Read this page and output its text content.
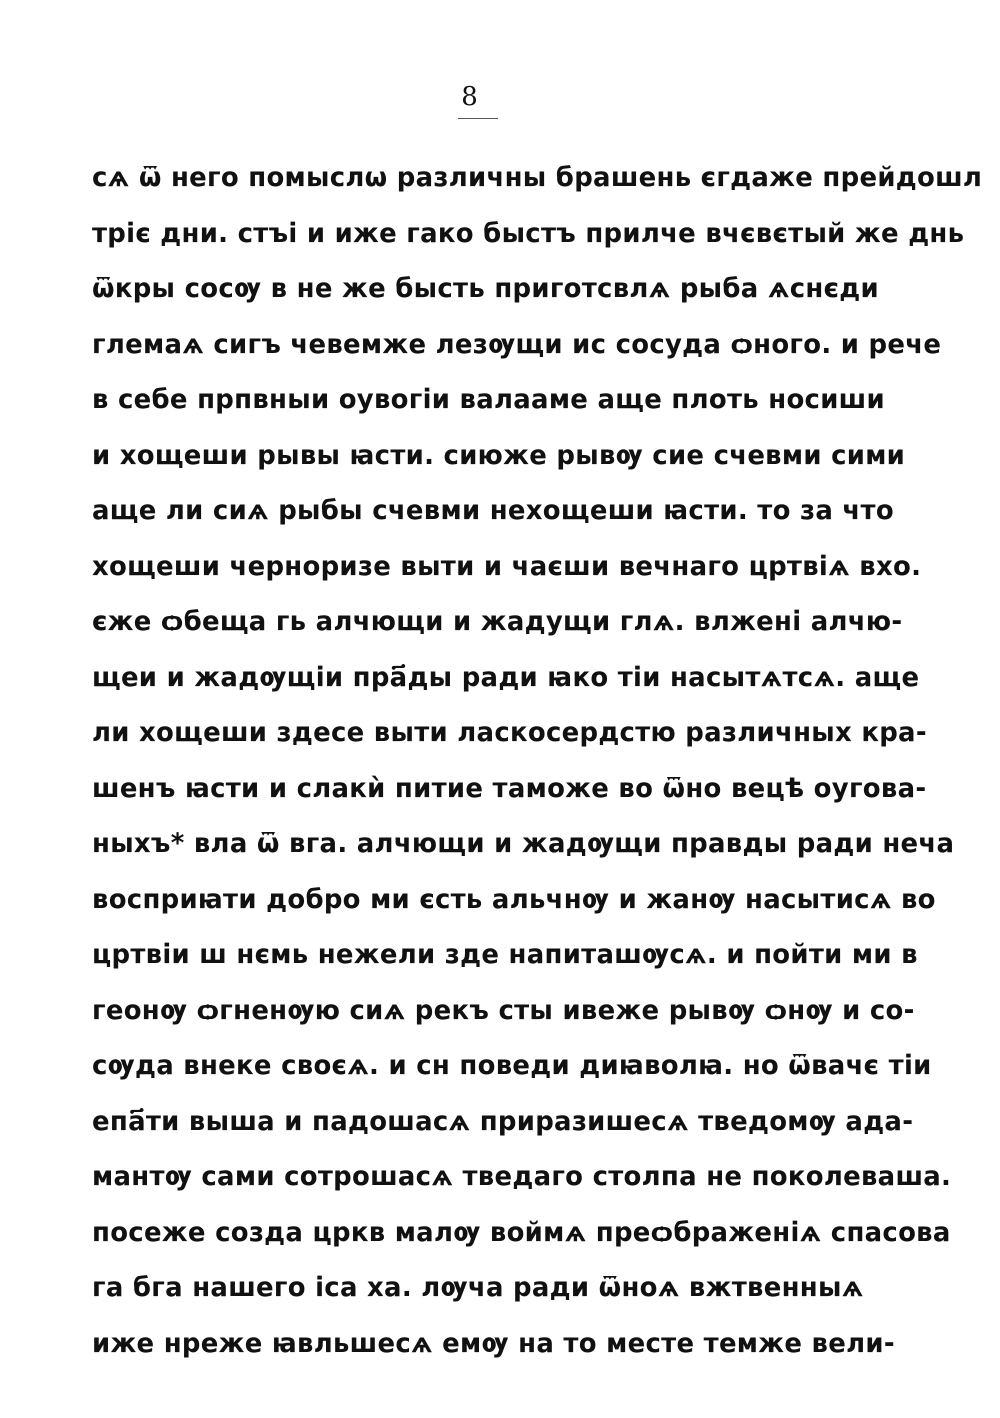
8
сѧ ѿ него помыслѡ различны брашень єгдаже прейдошл
тріє дни. стъі и иже гако быстъ прилче вчєвєтый же днь
ѿкры сосѹ в не же бысть приготсвлѧ рыба ѧснєди
глемаѧ сигъ чевемже лезѹщи ис сосуда ѻного. и рече
в себе прпвныи оувогіи валааме аще плоть носиши
и хощеши рывы ꙗсти. сиюже рывѹ сие счевми сими
аще ли сиѧ рыбы счевми нехощеши ꙗсти. то за что
хощеши черноризе выти и чаєши вечнаго цртвіѧ вхо.
єже ѻбеща гь алчющи и жадущи глѧ. влжені алчю-
щеи и жадѹщіи пра҃ды ради ꙗко тіи насытѧтсѧ. аще
ли хощеши здесе выти ласкосердстю различных кра-
шенъ ꙗсти и слакѝ питие таможе во ѿно вецѣ оугова-
ныхъ* вла ѿ вга. алчющи и жадѹщи правды ради неча
восприꙗти добро ми єсть альчнѹ и жанѹ насытисѧ во
цртвіи ш нємь нежели зде напиташѹсѧ. и пойти ми в
геонѹ ѻгненѹю сиѧ рекъ сты ивеже рывѹ ѻнѹ и со-
сѹда внеке своєѧ. и сн поведи диꙗволꙗ. но ѿвачє тіи
епа҃ти выша и падошасѧ приразишесѧ тведомѹ ада-
мантѹ сами сотрошасѧ тведаго столпа не поколеваша.
посеже созда цркв малѹ воймѧ преѻбраженіѧ спасова
га бга нашего іса ха. лѹча ради ѿноѧ вжтвенныѧ
иже нреже ꙗвльшесѧ емѹ на то месте темже вели-
